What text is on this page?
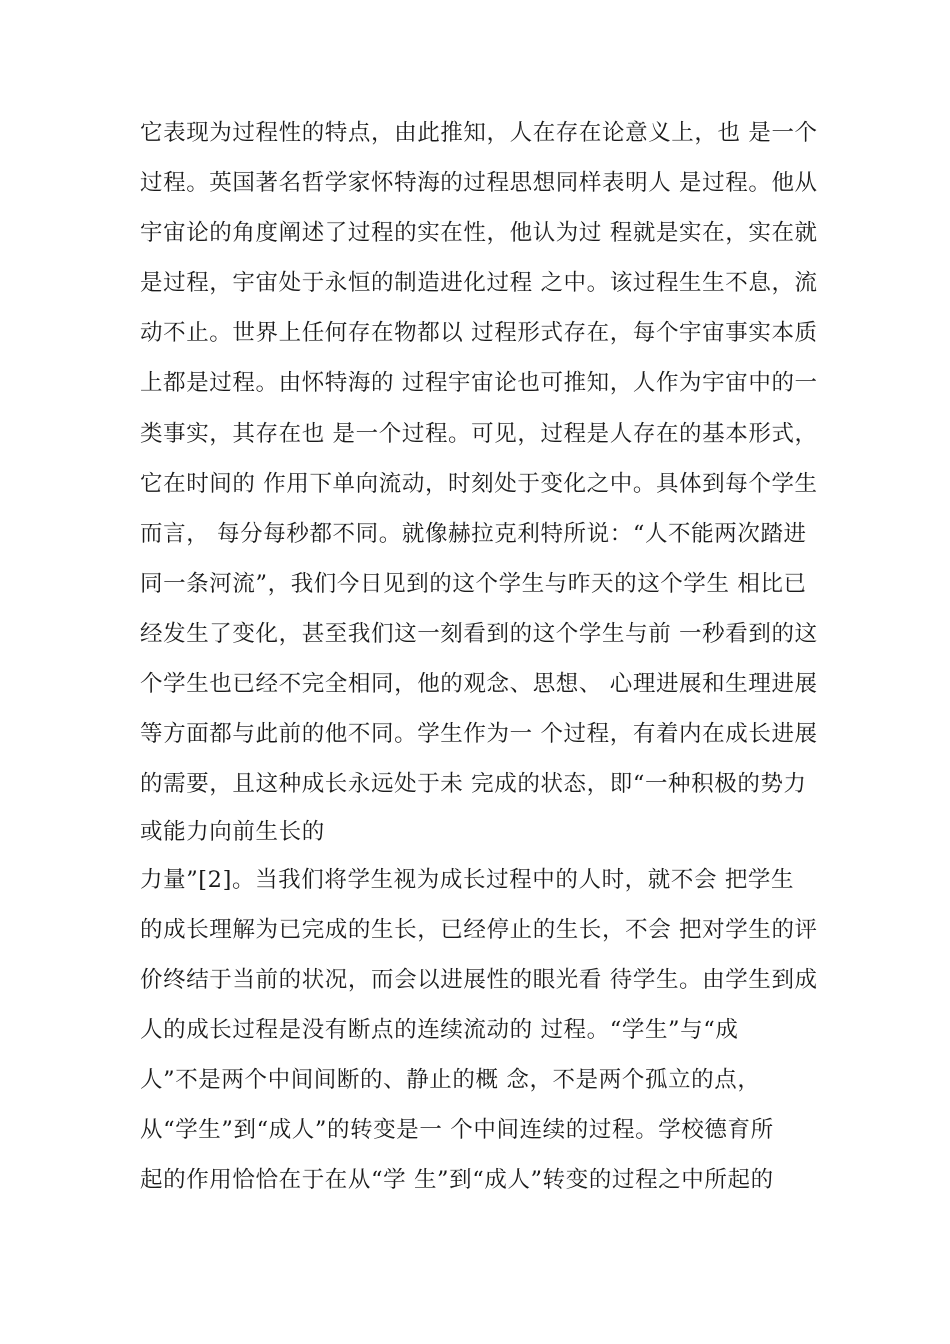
它表现为过程性的特点，由此推知，人在存在论意义上，也 是一个
过程。英国著名哲学家怀特海的过程思想同样表明人 是过程。他从
宇宙论的角度阐述了过程的实在性，他认为过 程就是实在，实在就
是过程，宇宙处于永恒的制造进化过程 之中。该过程生生不息，流
动不止。世界上任何存在物都以 过程形式存在，每个宇宙事实本质
上都是过程。由怀特海的 过程宇宙论也可推知，人作为宇宙中的一
类事实，其存在也 是一个过程。可见，过程是人存在的基本形式，
它在时间的 作用下单向流动，时刻处于变化之中。具体到每个学生
而言， 每分每秒都不同。就像赫拉克利特所说：“人不能两次踏进
同一条河流”，我们今日见到的这个学生与昨天的这个学生 相比已
经发生了变化，甚至我们这一刻看到的这个学生与前 一秒看到的这
个学生也已经不完全相同，他的观念、思想、 心理进展和生理进展
等方面都与此前的他不同。学生作为一 个过程，有着内在成长进展
的需要，且这种成长永远处于未 完成的状态，即“一种积极的势力
或能力向前生长的
力量”[2]。当我们将学生视为成长过程中的人时，就不会 把学生
的成长理解为已完成的生长，已经停止的生长，不会 把对学生的评
价终结于当前的状况，而会以进展性的眼光看 待学生。由学生到成
人的成长过程是没有断点的连续流动的 过程。“学生”与“成
人”不是两个中间间断的、静止的概 念，不是两个孤立的点，
从“学生”到“成人”的转变是一 个中间连续的过程。学校德育所
起的作用恰恰在于在从“学 生”到“成人”转变的过程之中所起的
